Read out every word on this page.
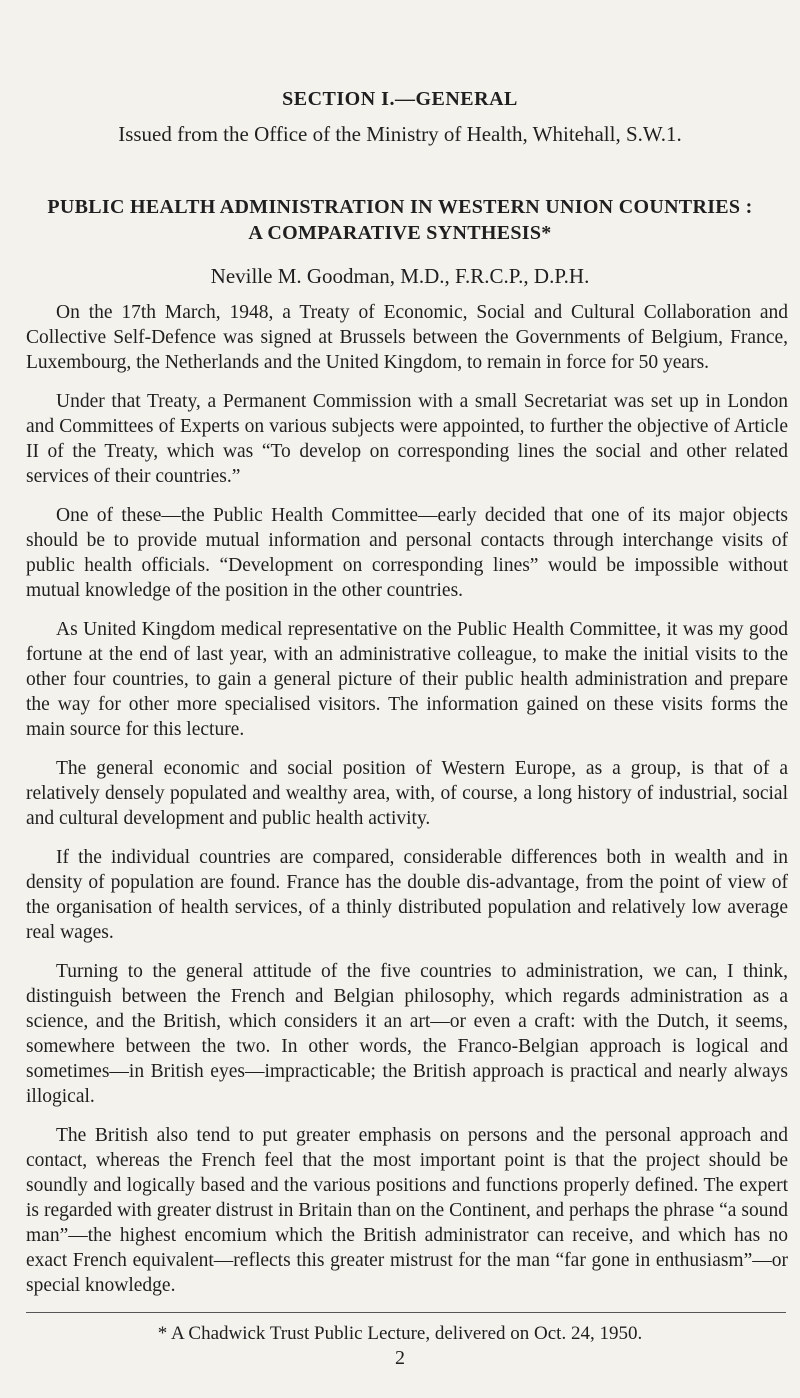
SECTION I.—GENERAL
Issued from the Office of the Ministry of Health, Whitehall, S.W.1.
PUBLIC HEALTH ADMINISTRATION IN WESTERN UNION COUNTRIES : A COMPARATIVE SYNTHESIS*
Neville M. Goodman, M.D., F.R.C.P., D.P.H.

On the 17th March, 1948, a Treaty of Economic, Social and Cultural Collaboration and Collective Self-Defence was signed at Brussels between the Governments of Belgium, France, Luxembourg, the Netherlands and the United Kingdom, to remain in force for 50 years.

Under that Treaty, a Permanent Commission with a small Secretariat was set up in London and Committees of Experts on various subjects were appointed, to further the objective of Article II of the Treaty, which was “To develop on corresponding lines the social and other related services of their countries.”

One of these—the Public Health Committee—early decided that one of its major objects should be to provide mutual information and personal contacts through interchange visits of public health officials. “Development on corresponding lines” would be impossible without mutual knowledge of the position in the other countries.

As United Kingdom medical representative on the Public Health Committee, it was my good fortune at the end of last year, with an administrative colleague, to make the initial visits to the other four countries, to gain a general picture of their public health administration and prepare the way for other more specialised visitors. The information gained on these visits forms the main source for this lecture.

The general economic and social position of Western Europe, as a group, is that of a relatively densely populated and wealthy area, with, of course, a long history of industrial, social and cultural development and public health activity.

If the individual countries are compared, considerable differences both in wealth and in density of population are found. France has the double dis-advantage, from the point of view of the organisation of health services, of a thinly distributed population and relatively low average real wages.

Turning to the general attitude of the five countries to administration, we can, I think, distinguish between the French and Belgian philosophy, which regards administration as a science, and the British, which considers it an art—or even a craft: with the Dutch, it seems, somewhere between the two. In other words, the Franco-Belgian approach is logical and sometimes—in British eyes—impracticable; the British approach is practical and nearly always illogical.

The British also tend to put greater emphasis on persons and the personal approach and contact, whereas the French feel that the most important point is that the project should be soundly and logically based and the various positions and functions properly defined. The expert is regarded with greater distrust in Britain than on the Continent, and perhaps the phrase “a sound man”—the highest encomium which the British administrator can receive, and which has no exact French equivalent—reflects this greater mistrust for the man “far gone in enthusiasm”—or special knowledge.

* A Chadwick Trust Public Lecture, delivered on Oct. 24, 1950.
2
